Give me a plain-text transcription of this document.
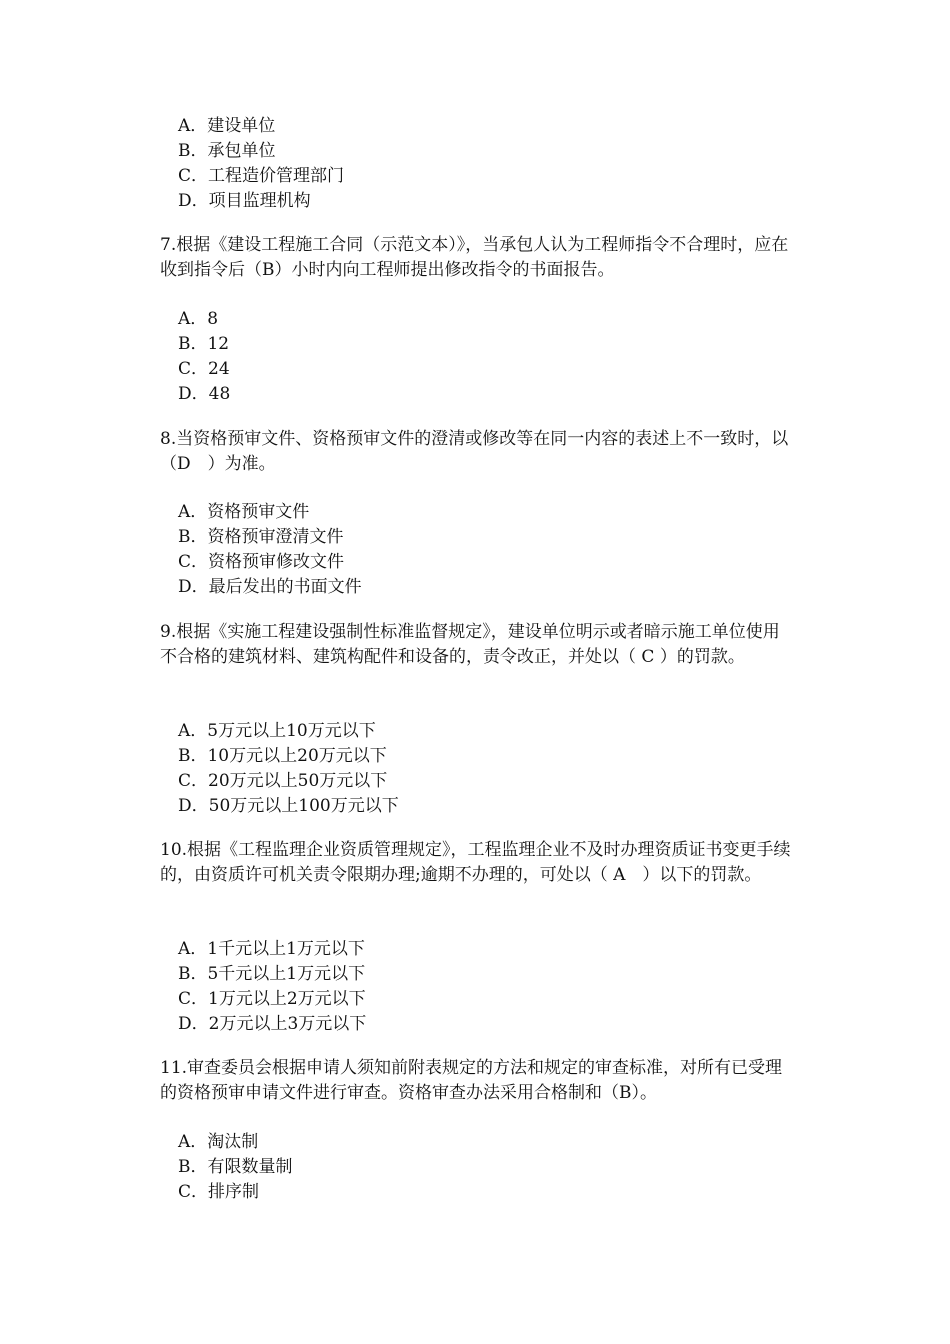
A．建设单位
B．承包单位
C．工程造价管理部门
D．项目监理机构
7.根据《建设工程施工合同（示范文本）》，当承包人认为工程师指令不合理时，应在收到指令后（B）小时内向工程师提出修改指令的书面报告。
A．8
B．12
C．24
D．48
8.当资格预审文件、资格预审文件的澄清或修改等在同一内容的表述上不一致时，以（D　）为准。
A．资格预审文件
B．资格预审澄清文件
C．资格预审修改文件
D．最后发出的书面文件
9.根据《实施工程建设强制性标准监督规定》，建设单位明示或者暗示施工单位使用不合格的建筑材料、建筑构配件和设备的，责令改正，并处以（ C ）的罚款。
A．5万元以上10万元以下
B．10万元以上20万元以下
C．20万元以上50万元以下
D．50万元以上100万元以下
10.根据《工程监理企业资质管理规定》，工程监理企业不及时办理资质证书变更手续的，由资质许可机关责令限期办理;逾期不办理的，可处以（ A　）以下的罚款。
A．1千元以上1万元以下
B．5千元以上1万元以下
C．1万元以上2万元以下
D．2万元以上3万元以下
11.审查委员会根据申请人须知前附表规定的方法和规定的审查标准，对所有已受理的资格预审申请文件进行审查。资格审查办法采用合格制和（B）。
A．淘汰制
B．有限数量制
C．排序制
